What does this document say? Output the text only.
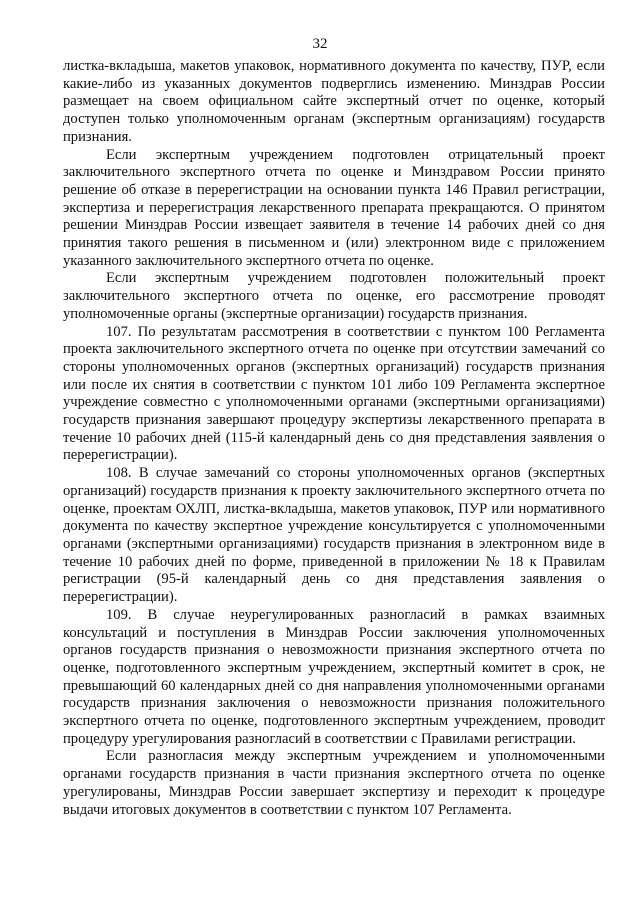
32

листка-вкладыша, макетов упаковок, нормативного документа по качеству, ПУР, если какие-либо из указанных документов подверглись изменению. Минздрав России размещает на своем официальном сайте экспертный отчет по оценке, который доступен только уполномоченным органам (экспертным организациям) государств признания.

Если экспертным учреждением подготовлен отрицательный проект заключительного экспертного отчета по оценке и Минздравом России принято решение об отказе в перерегистрации на основании пункта 146 Правил регистрации, экспертиза и перерегистрация лекарственного препарата прекращаются. О принятом решении Минздрав России извещает заявителя в течение 14 рабочих дней со дня принятия такого решения в письменном и (или) электронном виде с приложением указанного заключительного экспертного отчета по оценке.

Если экспертным учреждением подготовлен положительный проект заключительного экспертного отчета по оценке, его рассмотрение проводят уполномоченные органы (экспертные организации) государств признания.

107. По результатам рассмотрения в соответствии с пунктом 100 Регламента проекта заключительного экспертного отчета по оценке при отсутствии замечаний со стороны уполномоченных органов (экспертных организаций) государств признания или после их снятия в соответствии с пунктом 101 либо 109 Регламента экспертное учреждение совместно с уполномоченными органами (экспертными организациями) государств признания завершают процедуру экспертизы лекарственного препарата в течение 10 рабочих дней (115-й календарный день со дня представления заявления о перерегистрации).

108. В случае замечаний со стороны уполномоченных органов (экспертных организаций) государств признания к проекту заключительного экспертного отчета по оценке, проектам ОХЛП, листка-вкладыша, макетов упаковок, ПУР или нормативного документа по качеству экспертное учреждение консультируется с уполномоченными органами (экспертными организациями) государств признания в электронном виде в течение 10 рабочих дней по форме, приведенной в приложении № 18 к Правилам регистрации (95-й календарный день со дня представления заявления о перерегистрации).

109. В случае неурегулированных разногласий в рамках взаимных консультаций и поступления в Минздрав России заключения уполномоченных органов государств признания о невозможности признания экспертного отчета по оценке, подготовленного экспертным учреждением, экспертный комитет в срок, не превышающий 60 календарных дней со дня направления уполномоченными органами государств признания заключения о невозможности признания положительного экспертного отчета по оценке, подготовленного экспертным учреждением, проводит процедуру урегулирования разногласий в соответствии с Правилами регистрации.

Если разногласия между экспертным учреждением и уполномоченными органами государств признания в части признания экспертного отчета по оценке урегулированы, Минздрав России завершает экспертизу и переходит к процедуре выдачи итоговых документов в соответствии с пунктом 107 Регламента.
